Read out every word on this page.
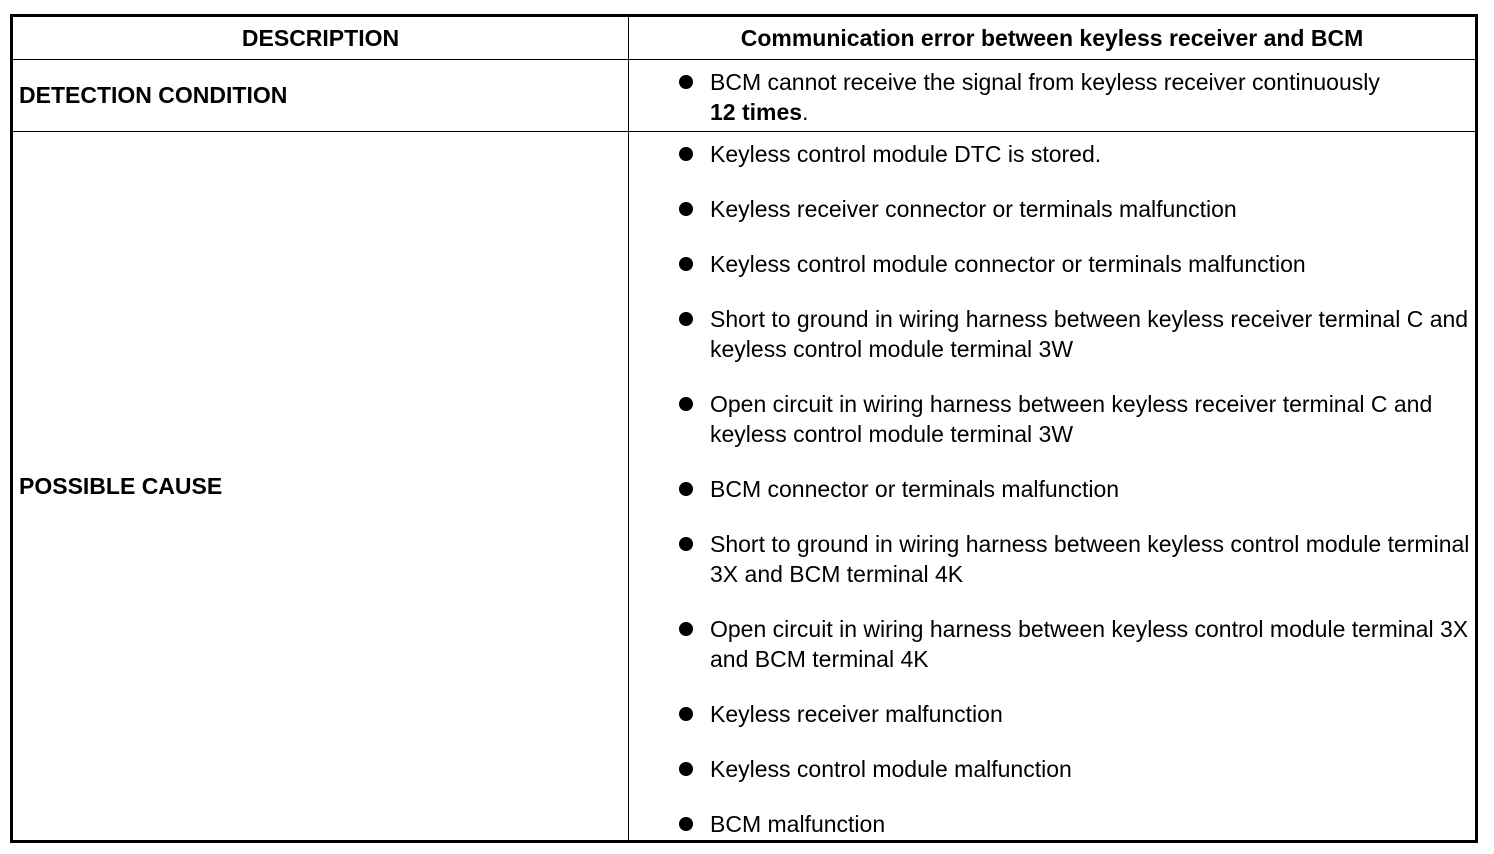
DESCRIPTION	Communication error between keyless receiver and BCM
DETECTION CONDITION	BCM cannot receive the signal from keyless receiver continuously
12 times.
POSSIBLE CAUSE
Keyless control module DTC is stored.
Keyless receiver connector or terminals malfunction
Keyless control module connector or terminals malfunction
Short to ground in wiring harness between keyless receiver terminal C and keyless control module terminal 3W
Open circuit in wiring harness between keyless receiver terminal C and keyless control module terminal 3W
BCM connector or terminals malfunction
Short to ground in wiring harness between keyless control module terminal 3X and BCM terminal 4K
Open circuit in wiring harness between keyless control module terminal 3X and BCM terminal 4K
Keyless receiver malfunction
Keyless control module malfunction
BCM malfunction
